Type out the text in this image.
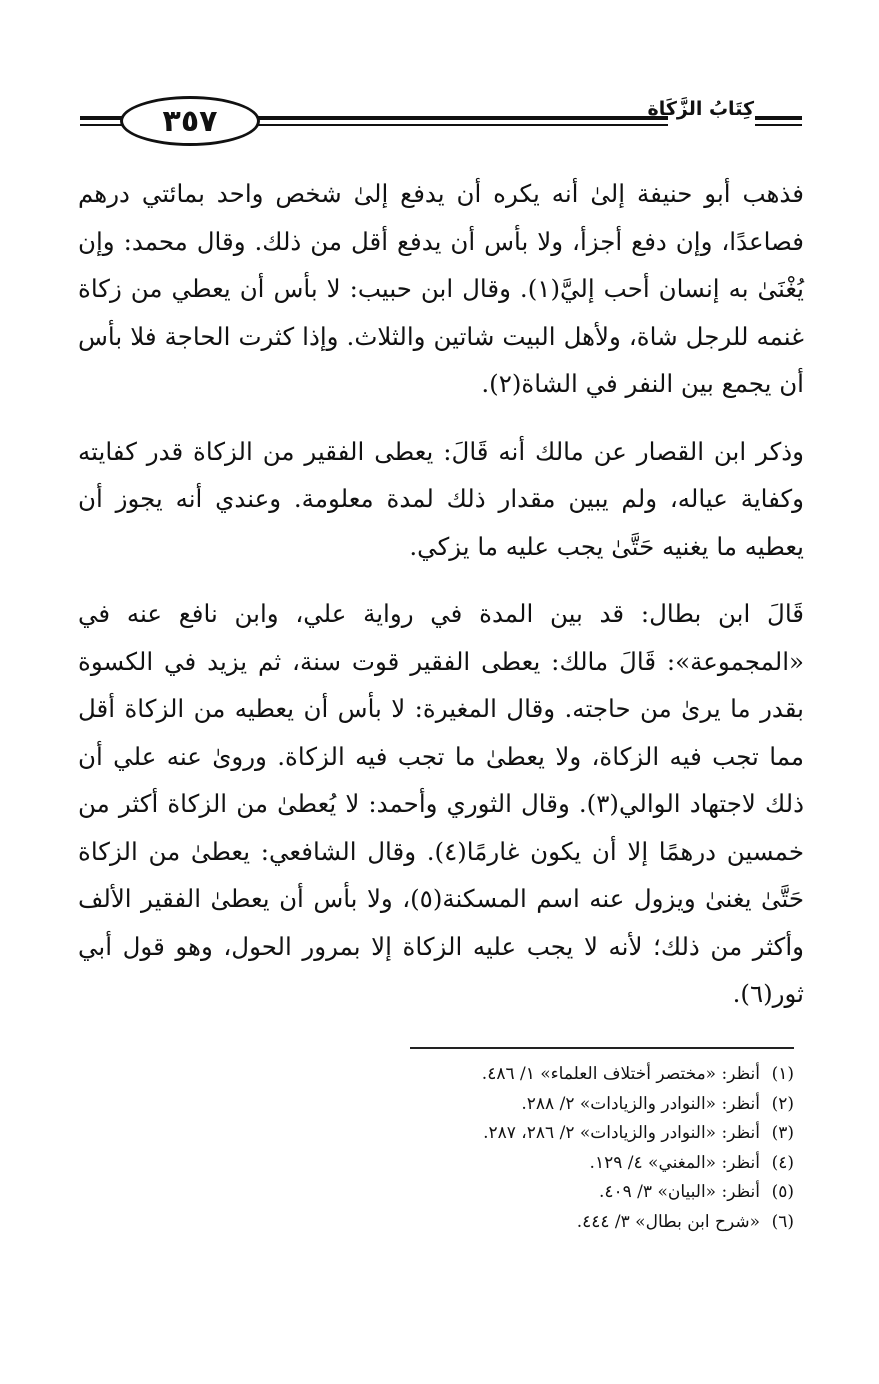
٣٥٧	كِتَابُ الزَّكَاةِ

فذهب أبو حنيفة إلىٰ أنه يكره أن يدفع إلىٰ شخص واحد بمائتي درهم فصاعدًا، وإن دفع أجزأ، ولا بأس أن يدفع أقل من ذلك. وقال محمد: وإن يُغْنَىٰ به إنسان أحب إليَّ(١). وقال ابن حبيب: لا بأس أن يعطي من زكاة غنمه للرجل شاة، ولأهل البيت شاتين والثلاث. وإذا كثرت الحاجة فلا بأس أن يجمع بين النفر في الشاة(٢).

وذكر ابن القصار عن مالك أنه قَالَ: يعطى الفقير من الزكاة قدر كفايته وكفاية عياله، ولم يبين مقدار ذلك لمدة معلومة. وعندي أنه يجوز أن يعطيه ما يغنيه حَتَّىٰ يجب عليه ما يزكي.

قَالَ ابن بطال: قد بين المدة في رواية علي، وابن نافع عنه في «المجموعة»: قَالَ مالك: يعطى الفقير قوت سنة، ثم يزيد في الكسوة بقدر ما يرىٰ من حاجته. وقال المغيرة: لا بأس أن يعطيه من الزكاة أقل مما تجب فيه الزكاة، ولا يعطىٰ ما تجب فيه الزكاة. وروىٰ عنه علي أن ذلك لاجتهاد الوالي(٣). وقال الثوري وأحمد: لا يُعطىٰ من الزكاة أكثر من خمسين درهمًا إلا أن يكون غارمًا(٤). وقال الشافعي: يعطىٰ من الزكاة حَتَّىٰ يغنىٰ ويزول عنه اسم المسكنة(٥)، ولا بأس أن يعطىٰ الفقير الألف وأكثر من ذلك؛ لأنه لا يجب عليه الزكاة إلا بمرور الحول، وهو قول أبي ثور(٦).

(١)
أنظر: «مختصر أختلاف العلماء» ١/ ٤٨٦.
(٢)
أنظر: «النوادر والزيادات» ٢/ ٢٨٨.
(٣)
أنظر: «النوادر والزيادات» ٢/ ٢٨٦، ٢٨٧.
(٤)
أنظر: «المغني» ٤/ ١٢٩.
(٥)
أنظر: «البيان» ٣/ ٤٠٩.
(٦)
«شرح ابن بطال» ٣/ ٤٤٤.
